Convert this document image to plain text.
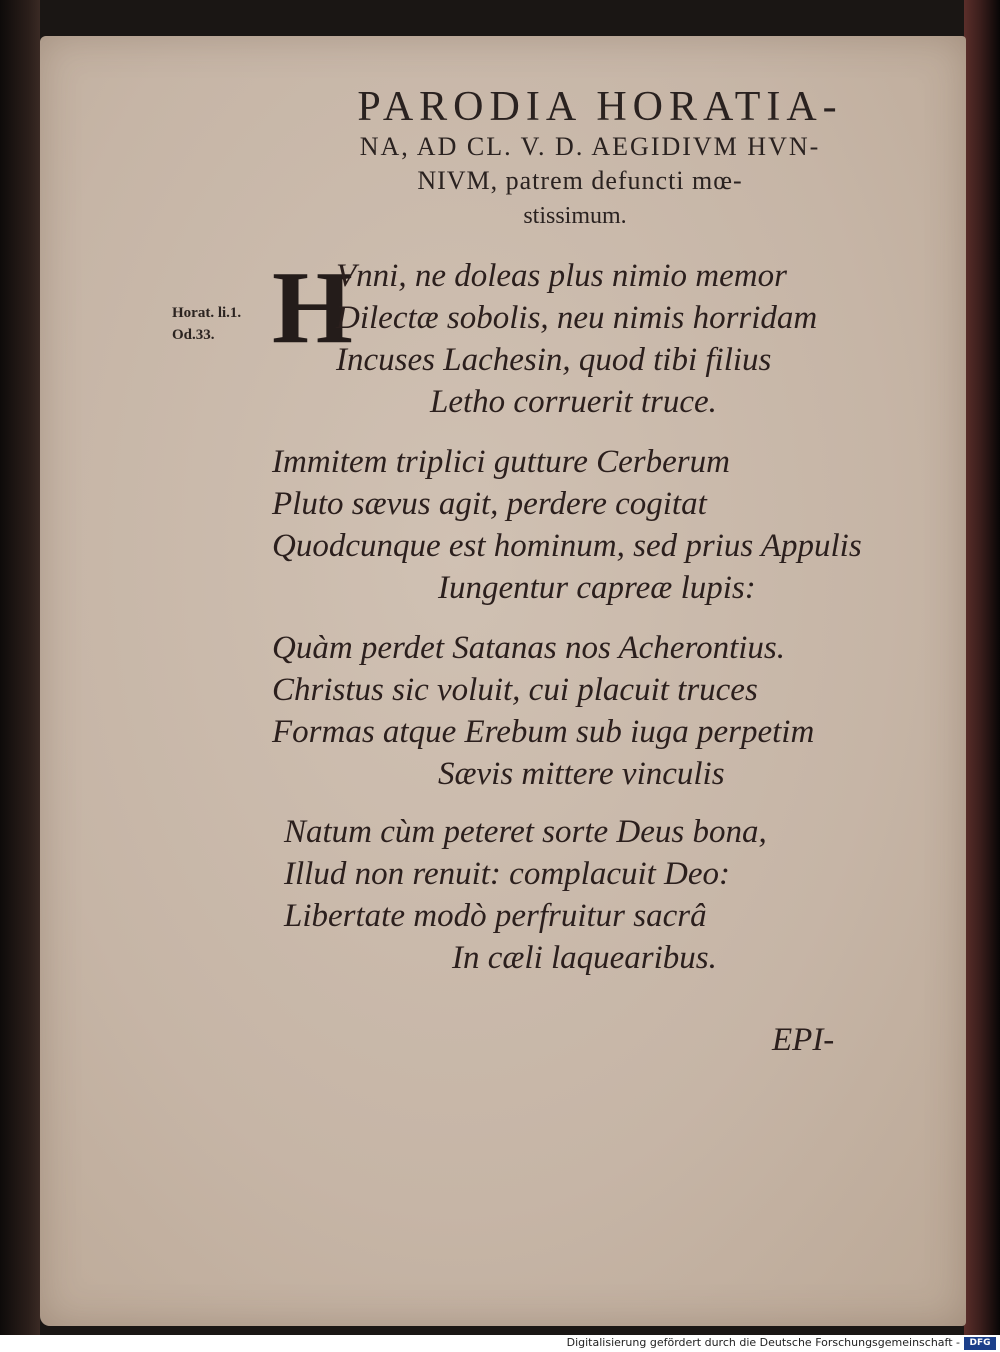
PARODIA HORATIA-
NA, AD CL. V. D. AEGIDIVM HVN-
NIVM, patrem defuncti mœ-
stissimum.
Horat. li.1.
Od.33. H
Vnni, ne doleas plus nimio memor
Dilectæ sobolis, neu nimis horridam
Incuses Lachesin, quod tibi filius
Letho corruerit truce.
Immitem triplici gutture Cerberum
Pluto sævus agit, perdere cogitat
Quodcunque est hominum, sed prius Appulis
Iungentur capreæ lupis:
Quàm perdet Satanas nos Acherontius.
Christus sic voluit, cui placuit truces
Formas atque Erebum sub iuga perpetim
Sævis mittere vinculis
Natum cùm peteret sorte Deus bona,
Illud non renuit: complacuit Deo:
Libertate modò perfruitur sacrâ
In cæli laquearibus.
EPI-
Digitalisierung gefördert durch die Deutsche Forschungsgemeinschaft -	DFG
